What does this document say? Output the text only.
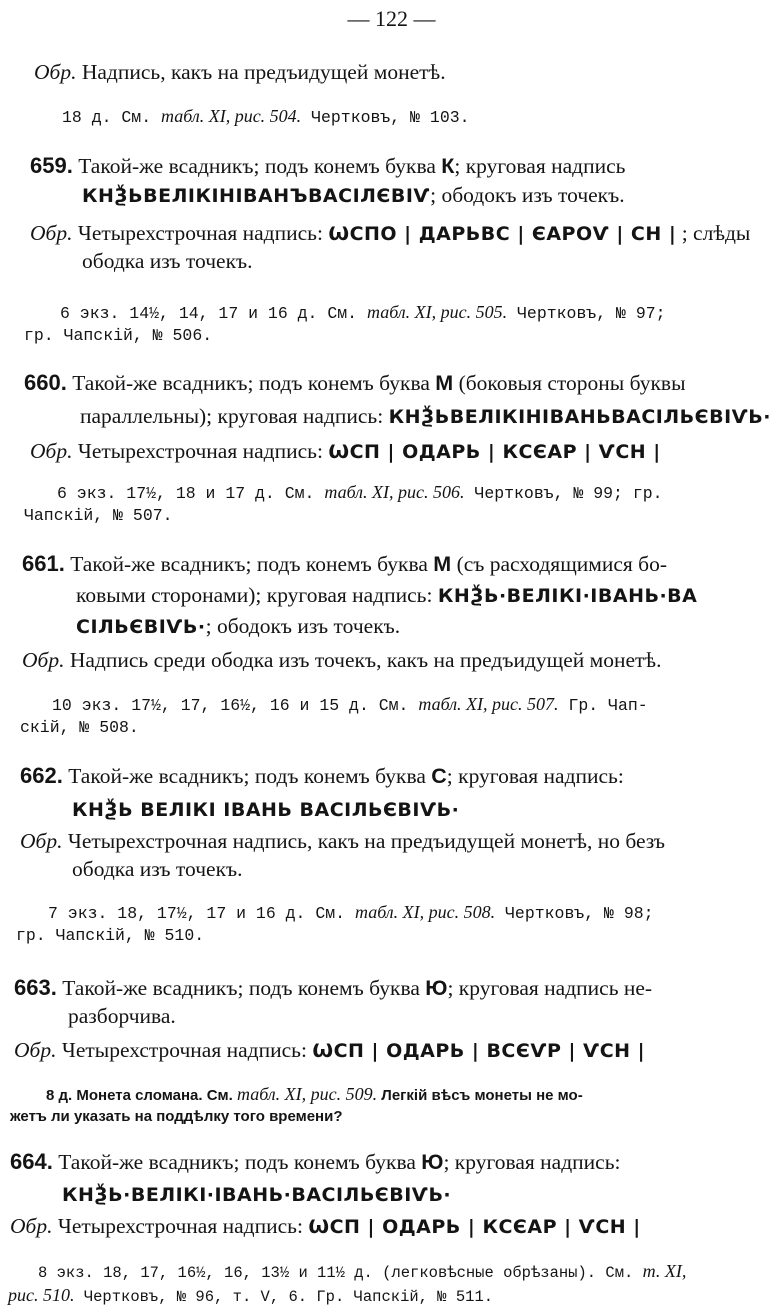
— 122 —
Обр. Надпись, какъ на предъидущей монетѣ.
18 д. См. табл. XI, рис. 504. Чертковъ, № 103.
659. Такой-же всадникъ; подъ конемъ буква К; круговая надпись
КНѮЬВЕЛІКІНІВАНЪВАСІЛЄВІѴ; ободокъ изъ точекъ.
Обр. Четырехстрочная надпись: ѠСПО | ДАРЬВС | ЄАРОѴ | СН | ; слѣды
ободка изъ точекъ.
6 экз. 14½, 14, 17 и 16 д. См. табл. XI, рис. 505. Чертковъ, № 97;
гр. Чапскій, № 506.
660. Такой-же всадникъ; подъ конемъ буква М (боковыя стороны буквы
параллельны); круговая надпись: КНѮЬВЕЛІКІНІВАНЬВАСІЛЬЄВІѴЬ·
Обр. Четырехстрочная надпись: ѠСП | ОДАРЬ | КСЄАР | ѴСН |
6 экз. 17½, 18 и 17 д. См. табл. XI, рис. 506. Чертковъ, № 99; гр.
Чапскій, № 507.
661. Такой-же всадникъ; подъ конемъ буква М (съ расходящимися бо-
ковыми сторонами); круговая надпись: КНѮЬ·ВЕЛІКІ·ІВАНЬ·ВА
СІЛЬЄВІѴЬ·; ободокъ изъ точекъ.
Обр. Надпись среди ободка изъ точекъ, какъ на предъидущей монетѣ.
10 экз. 17½, 17, 16½, 16 и 15 д. См. табл. XI, рис. 507. Гр. Чап-
скій, № 508.
662. Такой-же всадникъ; подъ конемъ буква С; круговая надпись:
КНѮЬ ВЕЛІКІ ІВАНЬ ВАСІЛЬЄВІѴЬ·
Обр. Четырехстрочная надпись, какъ на предъидущей монетѣ, но безъ
ободка изъ точекъ.
7 экз. 18, 17½, 17 и 16 д. См. табл. XI, рис. 508. Чертковъ, № 98;
гр. Чапскій, № 510.
663. Такой-же всадникъ; подъ конемъ буква Ю; круговая надпись не-
разборчива.
Обр. Четырехстрочная надпись: ѠСП | ОДАРЬ | ВСЄѴР | ѴСН |
8 д. Монета сломана. См. табл. XI, рис. 509. Легкій вѣсъ монеты не мо-
жетъ ли указать на поддѣлку того времени?
664. Такой-же всадникъ; подъ конемъ буква Ю; круговая надпись:
КНѮЬ·ВЕЛІКІ·ІВАНЬ·ВАСІЛЬЄВІѴЬ·
Обр. Четырехстрочная надпись: ѠСП | ОДАРЬ | КСЄАР | ѴСН |
8 экз. 18, 17, 16½, 16, 13½ и 11½ д. (легковѣсные обрѣзаны). См. т. XI,
рис. 510. Чертковъ, № 96, т. V, 6. Гр. Чапскій, № 511.
